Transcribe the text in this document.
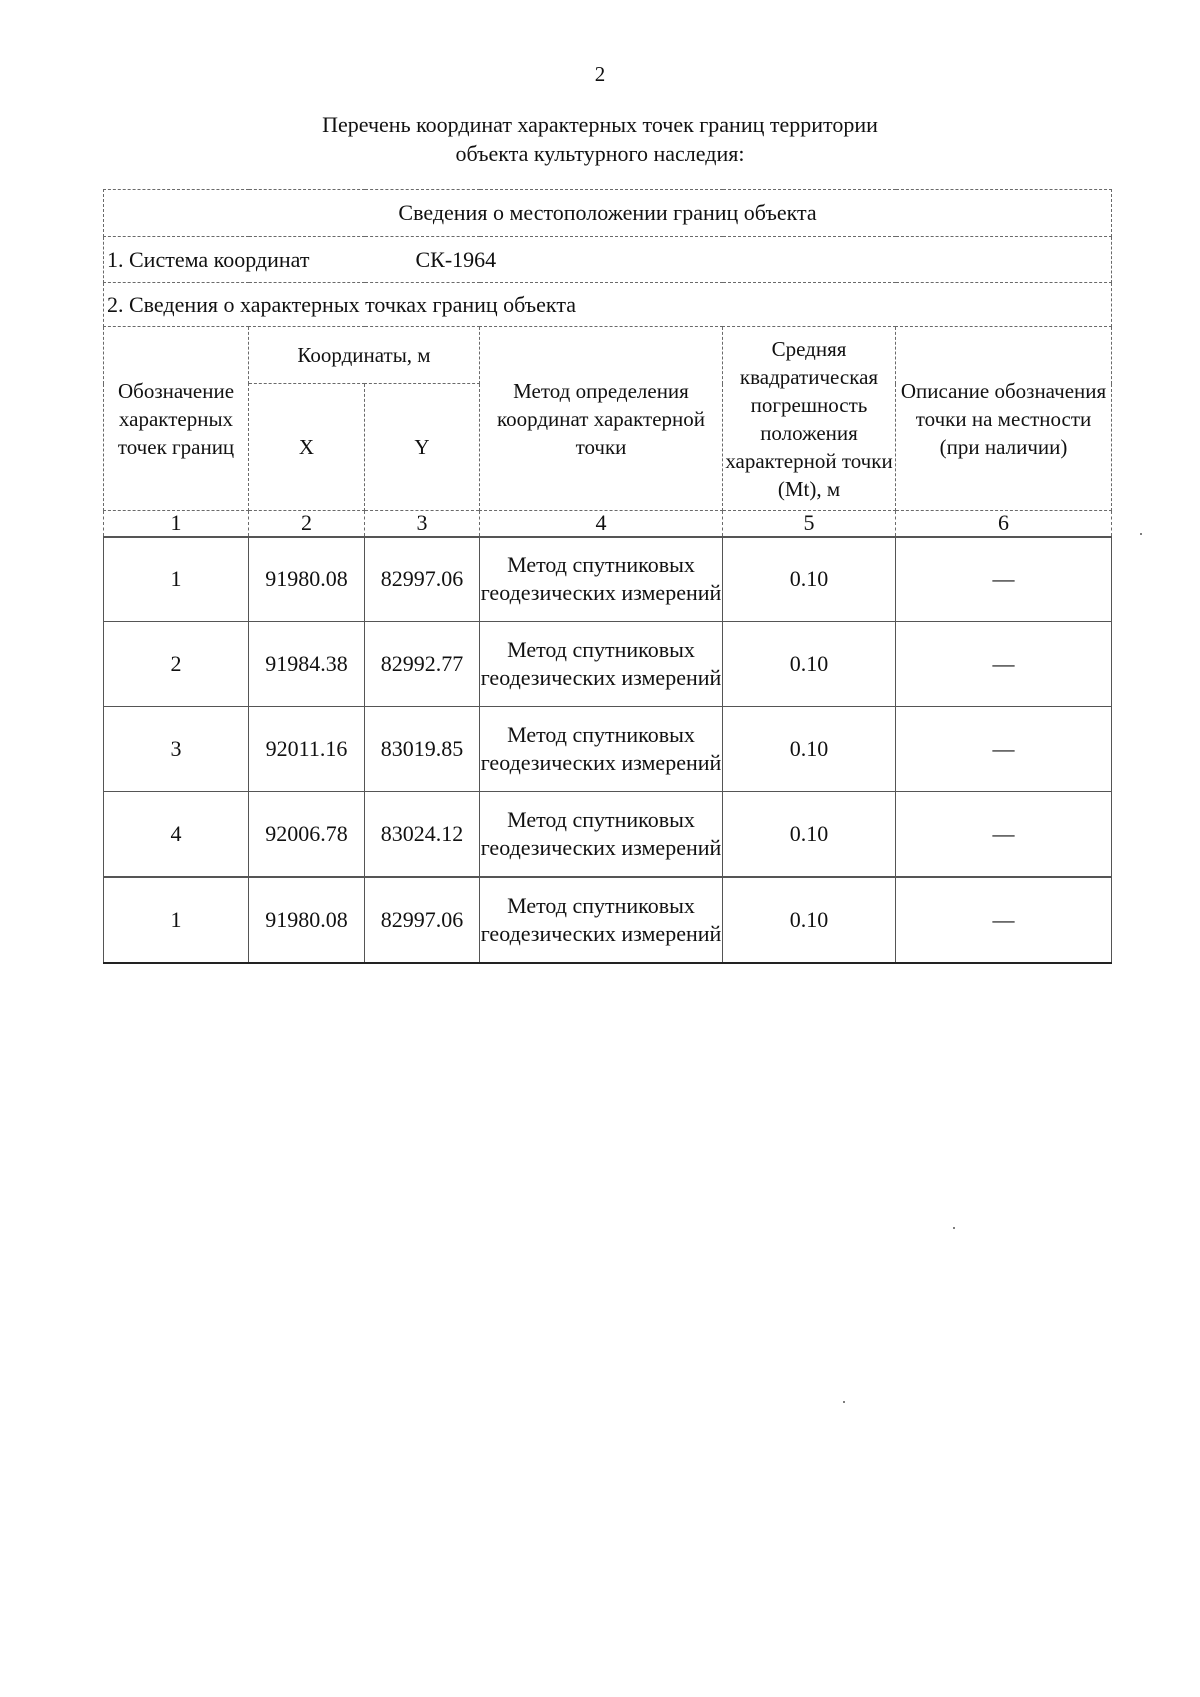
2
Перечень координат характерных точек границ территории
объекта культурного наследия:
Сведения о местоположении границ объекта					
1. Система координат СК-1964					
2. Сведения о характерных точках границ объекта					
Обозначение характерных точек границ	Координаты, м		Метод определения координат характерной точки	Средняя квадратическая погрешность положения характерной точки (Mt), м	Описание обозначения точки на местности (при наличии)
	X	Y			
1	2	3	4	5	6
1	91980.08	82997.06	Метод спутниковых геодезических измерений	0.10	—
2	91984.38	82992.77	Метод спутниковых геодезических измерений	0.10	—
3	92011.16	83019.85	Метод спутниковых геодезических измерений	0.10	—
4	92006.78	83024.12	Метод спутниковых геодезических измерений	0.10	—
1	91980.08	82997.06	Метод спутниковых геодезических измерений	0.10	—
